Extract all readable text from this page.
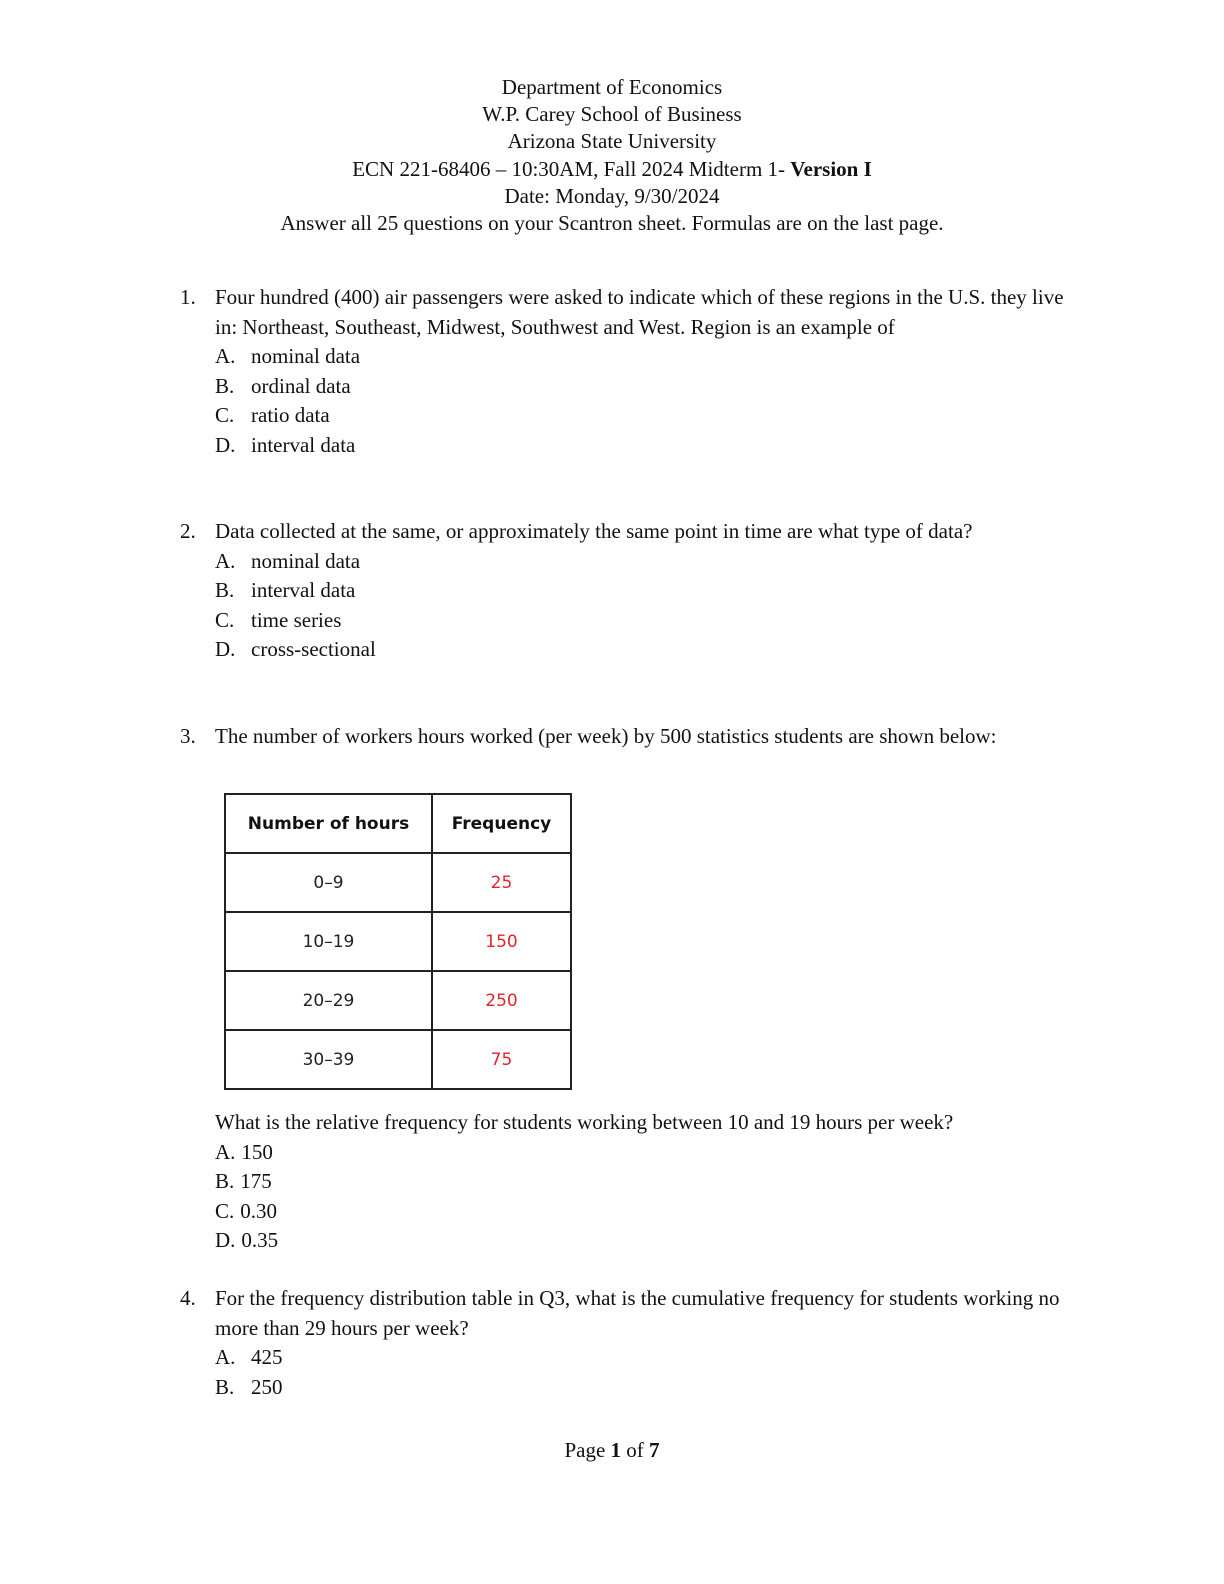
Department of Economics
W.P. Carey School of Business
Arizona State University
ECN 221-68406 – 10:30AM, Fall 2024 Midterm 1- Version I
Date: Monday, 9/30/2024
Answer all 25 questions on your Scantron sheet. Formulas are on the last page.
1. Four hundred (400) air passengers were asked to indicate which of these regions in the U.S. they live in: Northeast, Southeast, Midwest, Southwest and West. Region is an example of
A. nominal data
B. ordinal data
C. ratio data
D. interval data
2. Data collected at the same, or approximately the same point in time are what type of data?
A. nominal data
B. interval data
C. time series
D. cross-sectional
3. The number of workers hours worked (per week) by 500 statistics students are shown below:
Number of hours	Frequency
0–9	25
10–19	150
20–29	250
30–39	75
What is the relative frequency for students working between 10 and 19 hours per week?
A. 150
B. 175
C. 0.30
D. 0.35
4. For the frequency distribution table in Q3, what is the cumulative frequency for students working no more than 29 hours per week?
A. 425
B. 250
Page 1 of 7
